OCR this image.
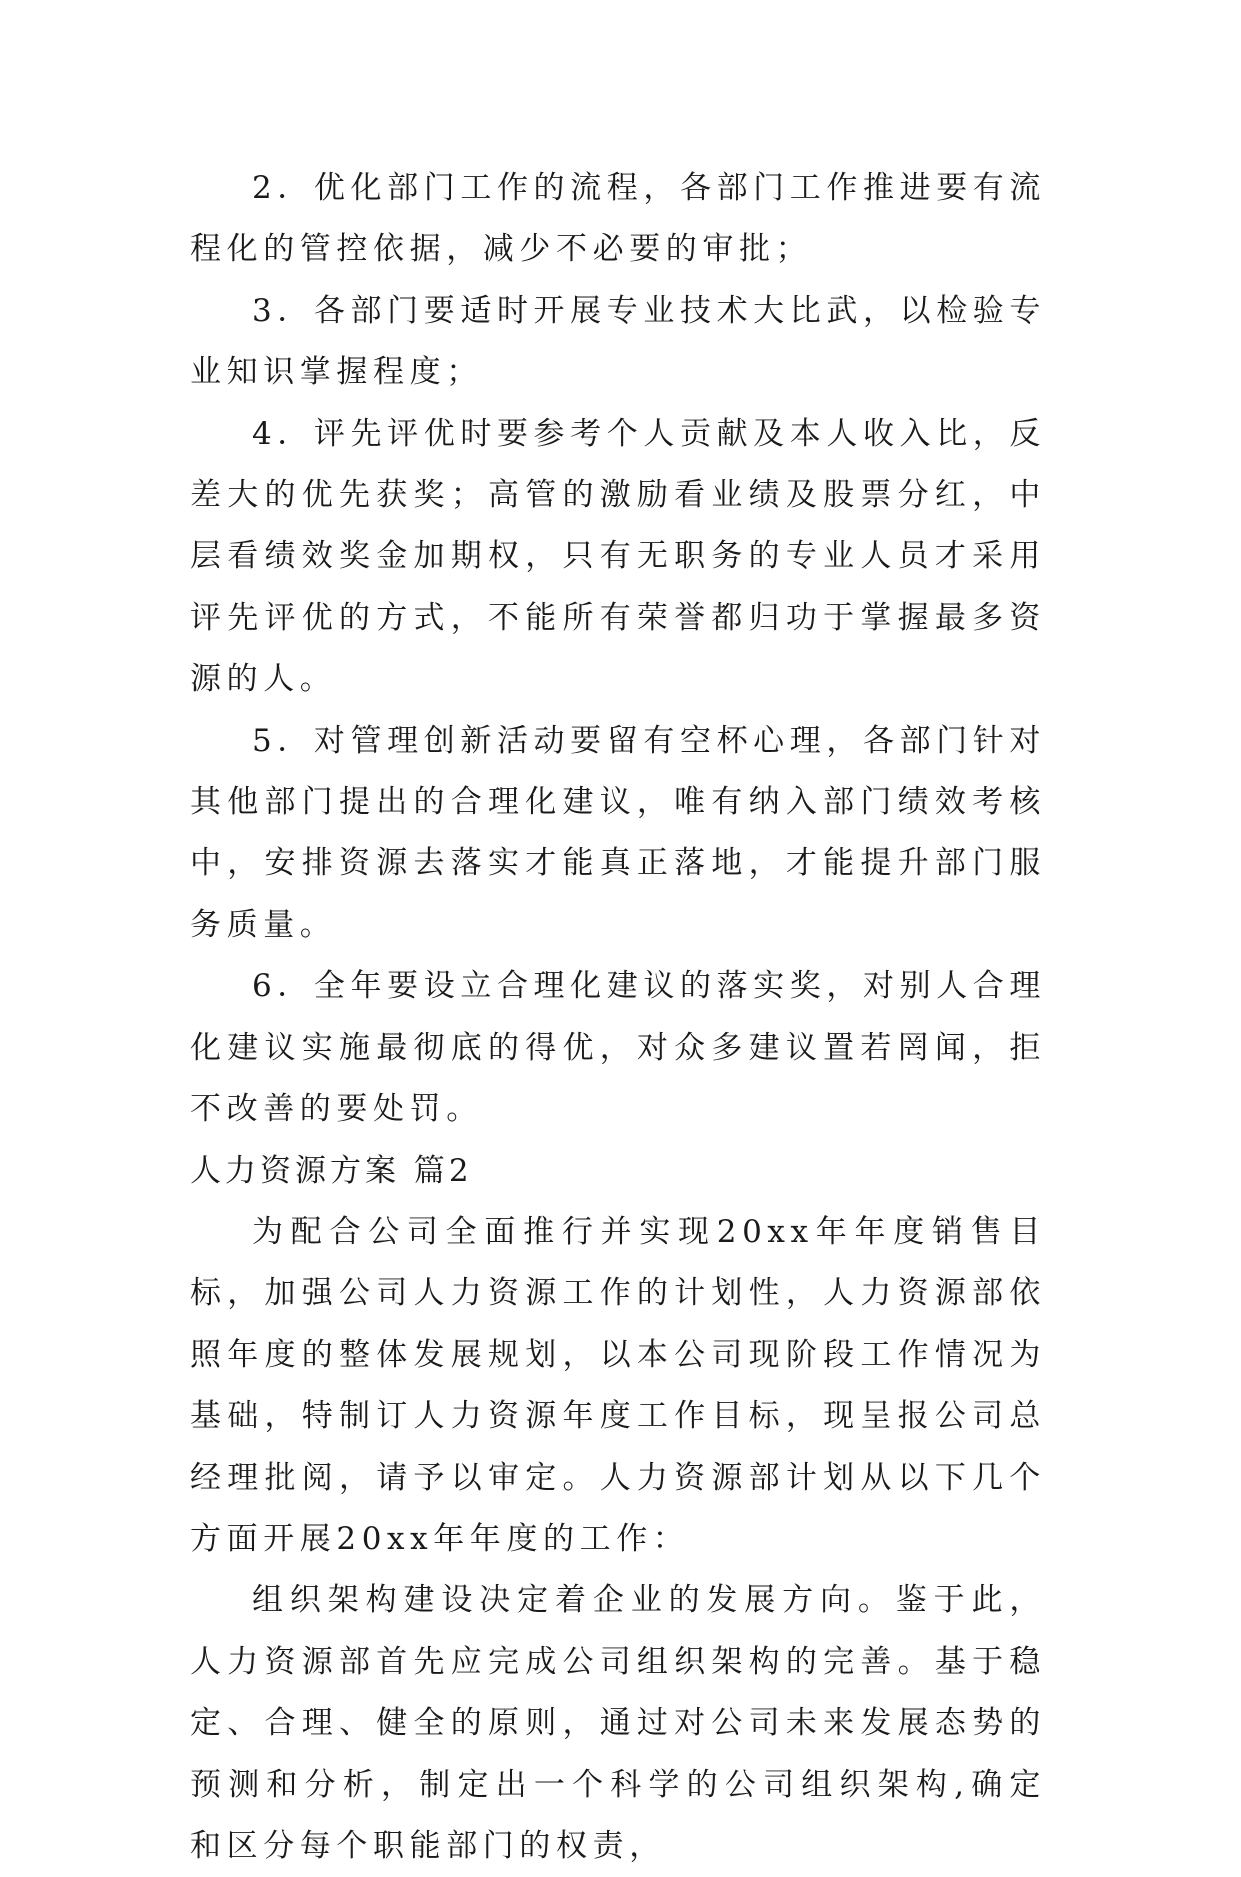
2．优化部门工作的流程，各部门工作推进要有流程化的管控依据，减少不必要的审批；

3．各部门要适时开展专业技术大比武，以检验专业知识掌握程度；

4．评先评优时要参考个人贡献及本人收入比，反差大的优先获奖；高管的激励看业绩及股票分红，中层看绩效奖金加期权，只有无职务的专业人员才采用评先评优的方式，不能所有荣誉都归功于掌握最多资源的人。

5．对管理创新活动要留有空杯心理，各部门针对其他部门提出的合理化建议，唯有纳入部门绩效考核中，安排资源去落实才能真正落地，才能提升部门服务质量。

6．全年要设立合理化建议的落实奖，对别人合理化建议实施最彻底的得优，对众多建议置若罔闻，拒不改善的要处罚。

人力资源方案 篇2

为配合公司全面推行并实现20xx年年度销售目标，加强公司人力资源工作的计划性，人力资源部依照年度的整体发展规划，以本公司现阶段工作情况为基础，特制订人力资源年度工作目标，现呈报公司总经理批阅，请予以审定。人力资源部计划从以下几个方面开展20xx年年度的工作：

组织架构建设决定着企业的发展方向。鉴于此，人力资源部首先应完成公司组织架构的完善。基于稳定、合理、健全的原则，通过对公司未来发展态势的预测和分析，制定出一个科学的公司组织架构,确定和区分每个职能部门的权责，
